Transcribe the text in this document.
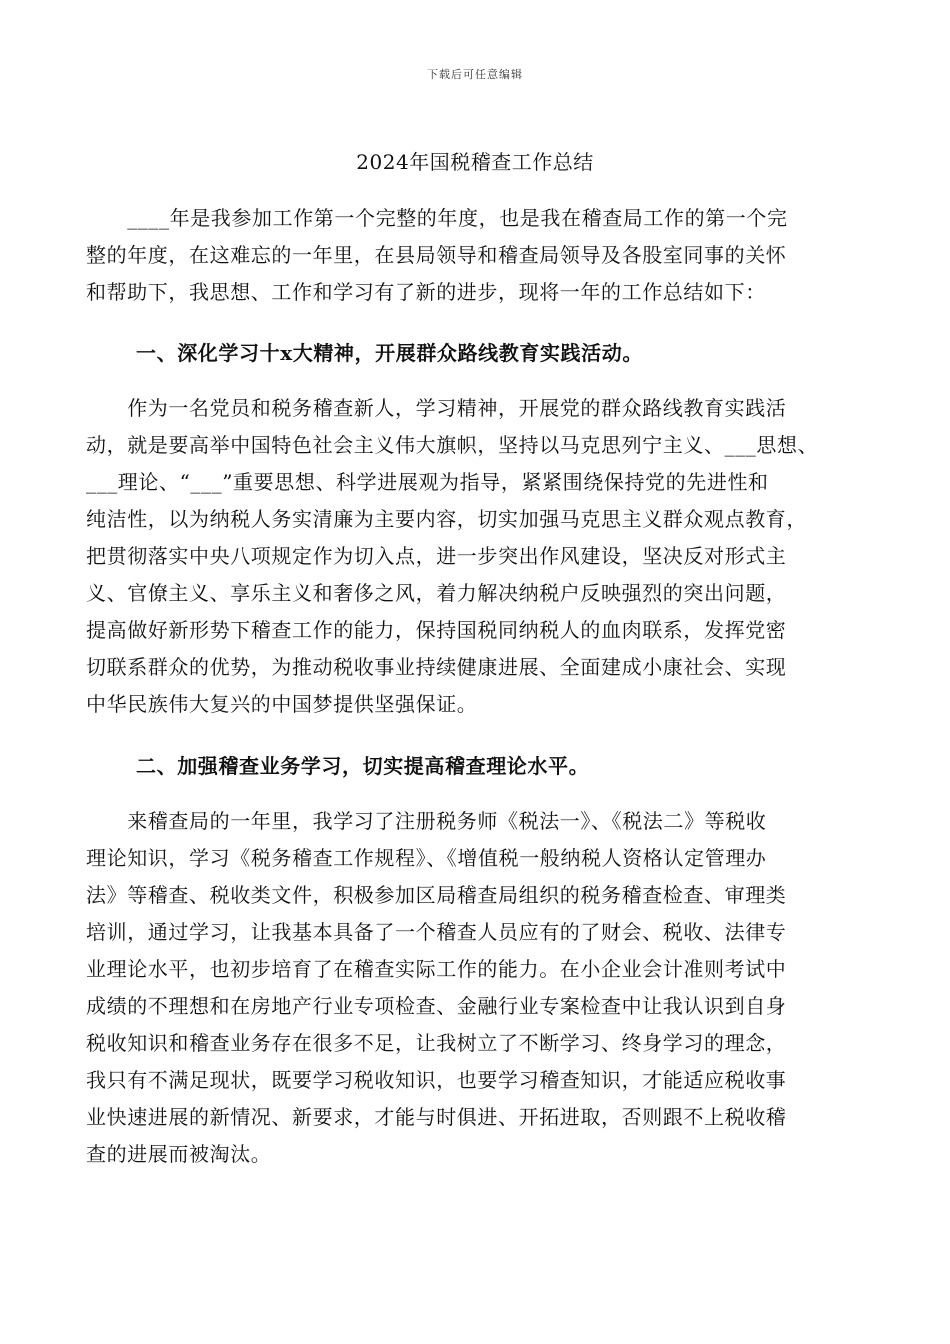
下载后可任意编辑
2024年国税稽查工作总结
　　____年是我参加工作第一个完整的年度，也是我在稽查局工作的第一个完
整的年度，在这难忘的一年里，在县局领导和稽查局领导及各股室同事的关怀
和帮助下，我思想、工作和学习有了新的进步，现将一年的工作总结如下：
一、深化学习十x大精神，开展群众路线教育实践活动。
　　作为一名党员和税务稽查新人，学习精神，开展党的群众路线教育实践活
动，就是要高举中国特色社会主义伟大旗帜，坚持以马克思列宁主义、___思想、
___理论、“___”重要思想、科学进展观为指导，紧紧围绕保持党的先进性和
纯洁性，以为纳税人务实清廉为主要内容，切实加强马克思主义群众观点教育，
把贯彻落实中央八项规定作为切入点，进一步突出作风建设，坚决反对形式主
义、官僚主义、享乐主义和奢侈之风，着力解决纳税户反映强烈的突出问题，
提高做好新形势下稽查工作的能力，保持国税同纳税人的血肉联系，发挥党密
切联系群众的优势，为推动税收事业持续健康进展、全面建成小康社会、实现
中华民族伟大复兴的中国梦提供坚强保证。
二、加强稽查业务学习，切实提高稽查理论水平。
　　来稽查局的一年里，我学习了注册税务师《税法一》、《税法二》等税收
理论知识，学习《税务稽查工作规程》、《增值税一般纳税人资格认定管理办
法》等稽查、税收类文件，积极参加区局稽查局组织的税务稽查检查、审理类
培训，通过学习，让我基本具备了一个稽查人员应有的了财会、税收、法律专
业理论水平，也初步培育了在稽查实际工作的能力。在小企业会计准则考试中
成绩的不理想和在房地产行业专项检查、金融行业专案检查中让我认识到自身
税收知识和稽查业务存在很多不足，让我树立了不断学习、终身学习的理念，
我只有不满足现状，既要学习税收知识，也要学习稽查知识，才能适应税收事
业快速进展的新情况、新要求，才能与时俱进、开拓进取，否则跟不上税收稽
查的进展而被淘汰。
